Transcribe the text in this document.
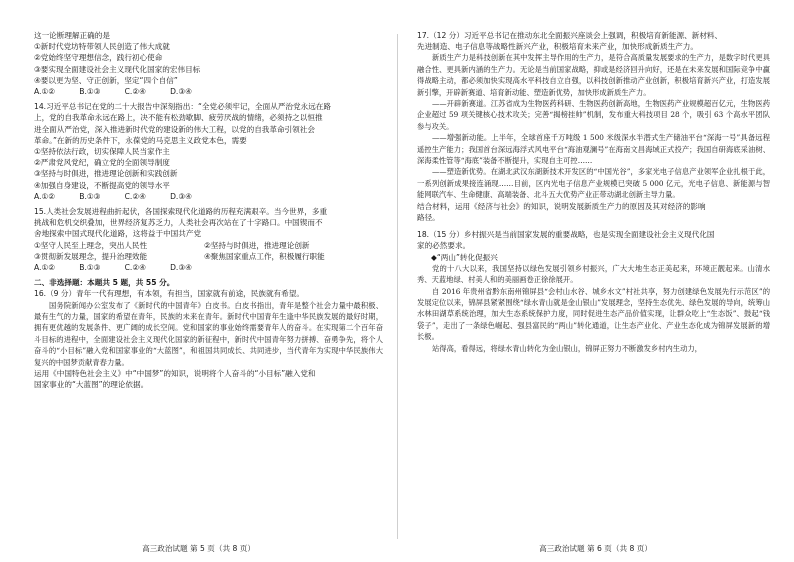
这一论断理解正确的是
①新时代党坊特带领人民创造了伟大成就
②党始终坚守理想信念，践行初心使命
③要实现全面建设社会主义现代化国家的宏伟目标
④要以更为坚、守正创新，坚定“四个自信”
A.①②          B.①③          C.②④          D.③④
14.习近平总书记在党的二十大报告中深刻指出：“全党必须牢记，全面从严治党永远在路
上，党的自我革命永远在路上，决不能有松劲歇脚、疲劳厌战的情绪，必须持之以恒推
进全面从严治党，深入推进新时代党的建设新的伟大工程，以党的自我革命引领社会
革命。”在新的历史条件下，永葆党的马克思主义政党本色，需要
①坚持依法行政，切实保障人民当家作主
②严肃党风党纪，确立党的全面领导制度
③坚持与时俱进，推进理论创新和实践创新
④加强自身建设，不断提高党的领导水平
A.①②          B.①③          C.②④          D.③④
15.人类社会发展进程曲折起伏，各国探索现代化道路的历程充满艰辛。当今世界，多重
挑战和危机交织叠加，世界经济复苏乏力，人类社会再次站在了十字路口。中国锲而不
舍地探索中国式现代化道路，这将益于中国共产党
①坚守人民至上理念，突出人民性	②坚持与时俱进，推进理论创新
③贯彻新发展理念，提升治理效能	④聚焦国家重点工作，积极履行职能
A.①②          B.①③          C.②④          D.③④
二、非选择题：本题共 5 题，共 55 分。
16.（9 分）青年一代有理想，有本领，有担当，国家就有前途，民族就有希望。

国务院新闻办公室发布了《新时代的中国青年》白皮书。白皮书指出，青年是整个社会力量中最积极、最有生气的力量，国家的希望在青年，民族的未来在青年。新时代中国青年生逢中华民族发展的最好时期，拥有更优越的发展条件、更广阔的成长空间。党和国家的事业始终需要青年人的奋斗。在实现第二个百年奋斗目标的进程中，全面建设社会主义现代化国家的新征程中，新时代中国青年努力拼搏、奋勇争先，将个人奋斗的“小目标”融入党和国家事业的“大蓝图”，和祖国共同成长、共同进步，当代青年为实现中华民族伟大复兴的中国梦贡献青春力量。

运用《中国特色社会主义》中“中国梦”的知识，说明将个人奋斗的“小目标”融入党和
国家事业的“大蓝图”的理论依据。
高三政治试题 第 5 页（共 8 页）
17.（12 分）习近平总书记在推动东北全面振兴座谈会上强调，积极培育新能源、新材料、
先进制造、电子信息等战略性新兴产业，积极培育未来产业，加快形成新质生产力。

新质生产力是科技创新在其中发挥主导作用的生产力，是符合高质量发展要求的生产力，是数字时代更具融合性、更具新内涵的生产力。无论是当前国家战略，抑或是经济回升向好，还是在未来发展和国际竞争中赢得战略主动，都必须加快实现高水平科技自立自强，以科技创新推动产业创新，积极培育新兴产业，打造发展新引擎，开辟新赛道、培育新动能、塑造新优势，加快形成新质生产力。

——开辟新赛道。江苏省成为生物医药科研、生物医药创新高地，生物医药产业规模超百亿元，生物医药企业超过 59 项关键核心技术攻关；完善“揭榜挂帅”机制，发布重大科技项目 28 个，吸引 63 个高水平团队参与攻关。

——增强新动能。上半年，全球首座千万吨级 1 500 米级深水半潜式生产储油平台“深海一号”具备远程遥控生产能力；我国首台深远海浮式风电平台“海油观澜号”在海南文昌海域正式投产；我国自研海底采油树、深海柔性管等“海底”装备不断提升，实现自主可控……

——塑造新优势。在湖北武汉东湖新技术开发区的“中国光谷”，多家光电子信息产业领军企业扎根于此，一系列创新成果接连涌现……目前，区内光电子信息产业规模已突破 5 000 亿元，光电子信息、新能源与智能网联汽车、生命健康、高端装备、北斗五大优势产业正带动湖北创新主导力量。

结合材料，运用《经济与社会》的知识，说明发展新质生产力的原因及其对经济的影响
路径。
18.（15 分）乡村振兴是当前国家发展的重要战略，也是实现全面建设社会主义现代化国
家的必然要求。
◆“两山”转化促振兴

党的十八大以来，我国坚持以绿色发展引领乡村振兴，广大大地生态正美起来，环境正靓起来。山清水秀、天蓝地绿、村美人和的美丽画卷正徐徐展开。

自 2016 年贵州省黔东南州锦屏县“会村山水谷、城乡水文”村社共享，努力创建绿色发展先行示范区”的发展定位以来，锦屏县紧紧围绕“绿水青山就是金山银山”发展理念，坚持生态优先、绿色发展的导向，统筹山水林田湖草系统治理，加大生态系统保护力度，同时促进生态产品价值实现，让群众吃上“生态饭”、鼓起“钱袋子”，走出了一条绿色崛起、强县富民的“两山”转化通道，让生态产业化、产业生态化成为锦屏发展新的增长极。

站得高，看得远，将绿水青山转化为金山银山，锦屏正努力不断激发乡村内生动力，

高三政治试题 第 6 页（共 8 页）
